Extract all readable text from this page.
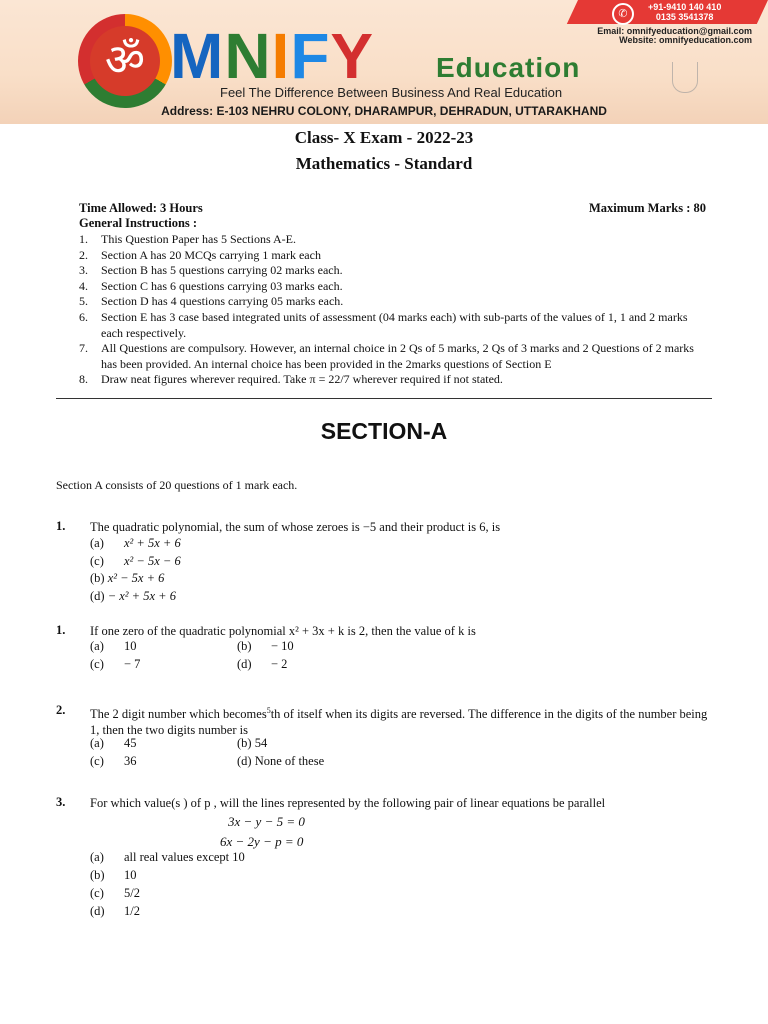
✆	+91-9410 140 410
0135 3541378
Email: omnifyeducation@gmail.com
Website: omnifyeducation.com
ॐ MNIFY Education
Feel The Difference Between Business And Real Education
Address: E-103 NEHRU COLONY, DHARAMPUR, DEHRADUN, UTTARAKHAND
Class- X Exam - 2022-23
Mathematics - Standard
Time Allowed: 3 Hours	Maximum Marks : 80
General Instructions :
1. This Question Paper has 5 Sections A-E.
2. Section A has 20 MCQs carrying 1 mark each
3. Section B has 5 questions carrying 02 marks each.
4. Section C has 6 questions carrying 03 marks each.
5. Section D has 4 questions carrying 05 marks each.
6. Section E has 3 case based integrated units of assessment (04 marks each) with sub-parts of the values of 1, 1 and 2 marks each respectively.
7. All Questions are compulsory. However, an internal choice in 2 Qs of 5 marks, 2 Qs of 3 marks and 2 Questions of 2 marks has been provided. An internal choice has been provided in the 2marks questions of Section E
8. Draw neat figures wherever required. Take π = 22/7 wherever required if not stated.
SECTION-A
Section A consists of 20 questions of 1 mark each.
1. The quadratic polynomial, the sum of whose zeroes is −5 and their product is 6, is
(a) x² + 5x + 6
(c) x² − 5x − 6
(b) x² − 5x + 6
(d) − x² + 5x + 6
1. If one zero of the quadratic polynomial x² + 3x + k is 2, then the value of k is
(a) 10	(b) − 10
(c) − 7	(d) − 2
2. The 2 digit number which becomes$^5$th of itself when its digits are reversed. The difference in the digits of the number being 1, then the two digits number is
(a) 45	(b) 54
(c) 36	(d) None of these
3. For which value(s ) of p , will the lines represented by the following pair of linear equations be parallel
3x − y − 5 = 0
6x − 2y − p = 0
(a) all real values except 10
(b) 10
(c) 5/2
(d) 1/2
